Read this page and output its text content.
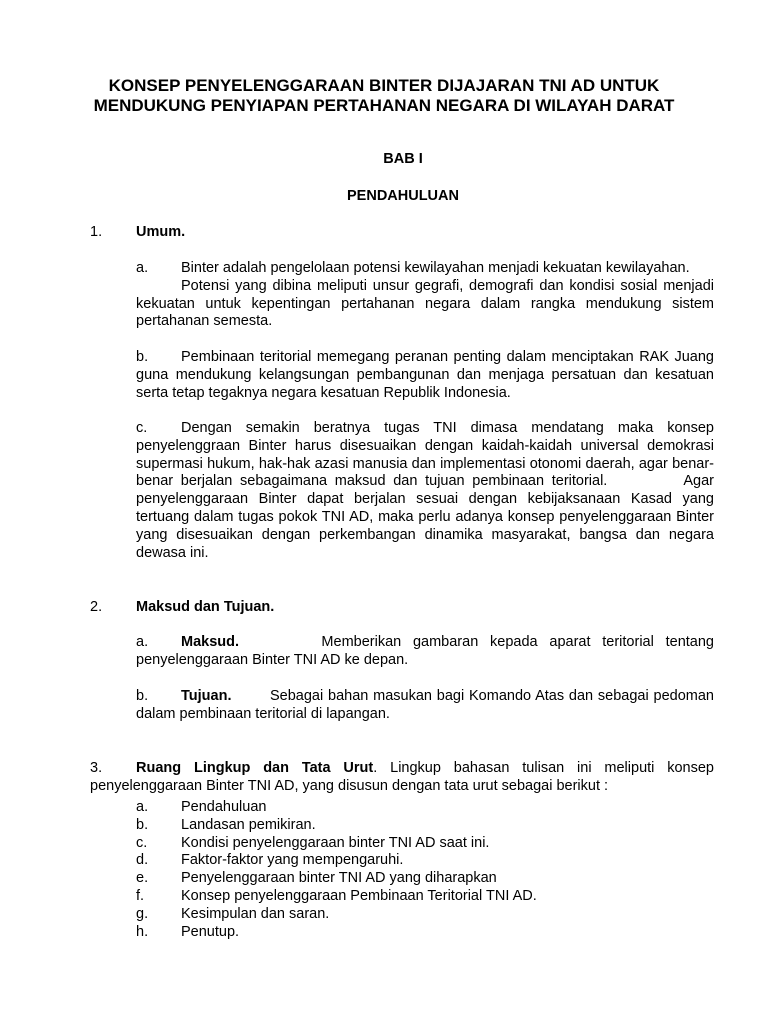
KONSEP PENYELENGGARAAN BINTER DIJAJARAN TNI AD UNTUK
MENDUKUNG PENYIAPAN PERTAHANAN NEGARA DI WILAYAH DARAT
BAB I
PENDAHULUAN
1. Umum.
a. Binter adalah pengelolaan potensi kewilayahan menjadi kekuatan kewilayahan.
Potensi yang dibina meliputi unsur gegrafi, demografi dan kondisi sosial menjadi kekuatan untuk kepentingan pertahanan negara dalam rangka mendukung sistem pertahanan semesta.
b. Pembinaan teritorial memegang peranan penting dalam menciptakan RAK Juang guna mendukung kelangsungan pembangunan dan menjaga persatuan dan kesatuan serta tetap tegaknya negara kesatuan Republik Indonesia.
c. Dengan semakin beratnya tugas TNI dimasa mendatang maka konsep penyelenggraan Binter harus disesuaikan dengan kaidah-kaidah universal demokrasi supermasi hukum, hak-hak azasi manusia dan implementasi otonomi daerah, agar benar-benar berjalan sebagaimana maksud dan tujuan pembinaan teritorial.	Agar penyelenggaraan Binter dapat berjalan sesuai dengan kebijaksanaan Kasad yang tertuang dalam tugas pokok TNI AD, maka perlu adanya konsep penyelenggaraan Binter yang disesuaikan dengan perkembangan dinamika masyarakat, bangsa dan negara dewasa ini.
2. Maksud dan Tujuan.
a. Maksud.	Memberikan gambaran kepada aparat teritorial tentang penyelenggaraan Binter TNI AD ke depan.
b. Tujuan.	Sebagai bahan masukan bagi Komando Atas dan sebagai pedoman dalam pembinaan teritorial di lapangan.
3. Ruang Lingkup dan Tata Urut. Lingkup bahasan tulisan ini meliputi konsep penyelenggaraan Binter TNI AD, yang disusun dengan tata urut sebagai berikut :
a. Pendahuluan
b. Landasan pemikiran.
c. Kondisi penyelenggaraan binter TNI AD saat ini.
d. Faktor-faktor yang mempengaruhi.
e. Penyelenggaraan binter TNI AD yang diharapkan
f.	Konsep penyelenggaraan Pembinaan Teritorial TNI AD.
g. Kesimpulan dan saran.
h. Penutup.
